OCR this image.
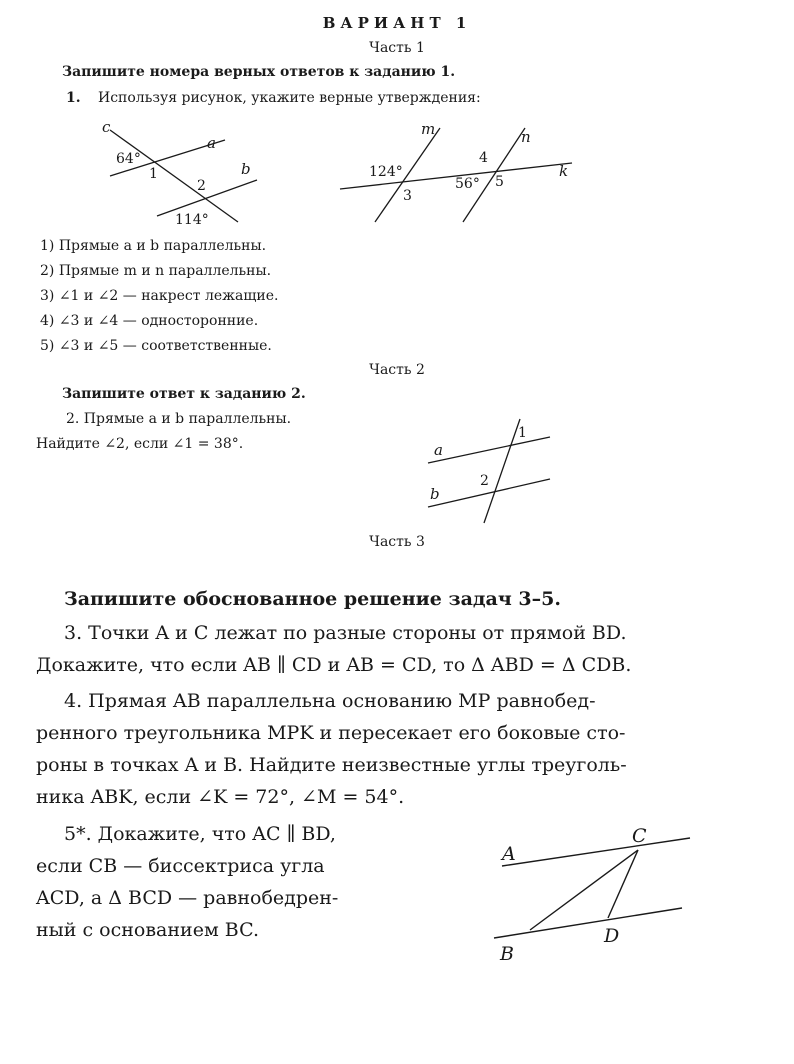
ВАРИАНТ 1
Часть 1
Запишите номера верных ответов к заданию 1.
1. Используя рисунок, укажите верные утверждения:
c
a
b
64°
1
2
114°
m	n
k
124°
3
4
56° 5
1) Прямые a и b параллельны.
2) Прямые m и n параллельны.
3) ∠1 и ∠2 — накрест лежащие.
4) ∠3 и ∠4 — односторонние.
5) ∠3 и ∠5 — соответственные.
Часть 2
Запишите ответ к заданию 2.
2. Прямые a и b параллельны.
Найдите ∠2, если ∠1 = 38°.	a
b
1
2
Часть 3
Запишите обоснованное решение задач 3–5.
3. Точки A и C лежат по разные стороны от прямой BD.
Докажите, что если AB ∥ CD и AB = CD, то Δ ABD = Δ CDB.
4. Прямая AB параллельна основанию MP равнобед-
ренного треугольника MPK и пересекает его боковые сто-
роны в точках A и B. Найдите неизвестные углы треуголь-
ника ABK, если ∠K = 72°, ∠M = 54°.
5*. Докажите, что AC ∥ BD,
если CB — биссектриса угла
ACD, а Δ BCD — равнобедрен-
ный с основанием BC.
A
C
B
D
